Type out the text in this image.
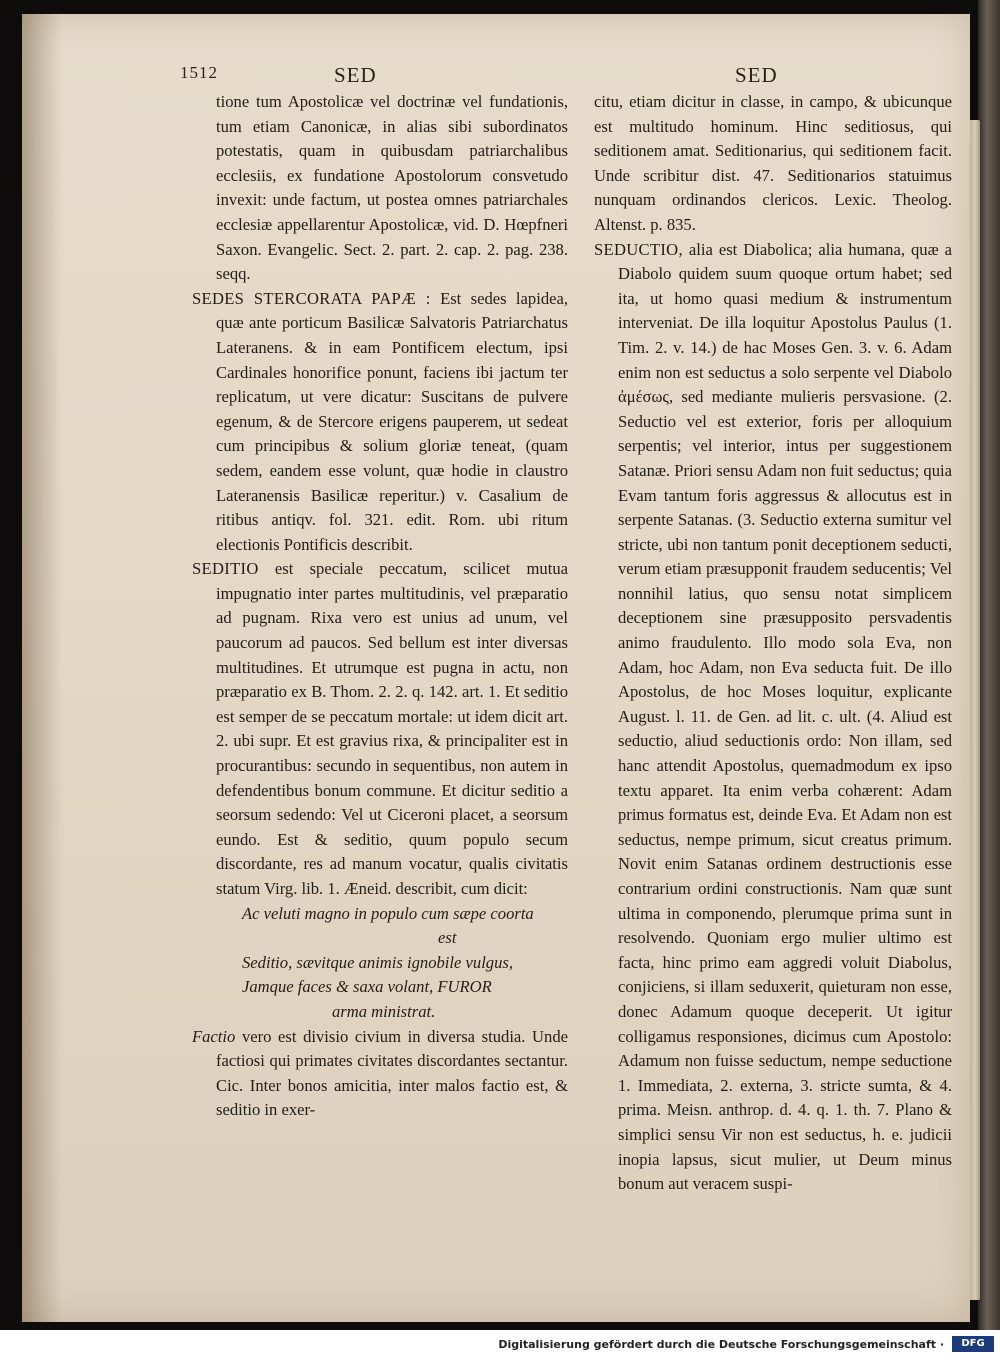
1512	SED	SED

tione tum Apostolicæ vel doctrinæ vel fundationis, tum etiam Canonicæ, in alias sibi subordinatos potestatis, quam in quibusdam patriarchalibus ecclesiis, ex fundatione Apostolorum consvetudo invexit: unde factum, ut postea omnes patriarchales ecclesiæ appellarentur Apostolicæ, vid. D. Hœpfneri Saxon. Evangelic. Sect. 2. part. 2. cap. 2. pag. 238. seqq.

SEDES STERCORATA PAPÆ : Est sedes lapidea, quæ ante porticum Basilicæ Salvatoris Patriarchatus Lateranens. & in eam Pontificem electum, ipsi Cardinales honorifice ponunt, faciens ibi jactum ter replicatum, ut vere dicatur: Suscitans de pulvere egenum, & de Stercore erigens pauperem, ut sedeat cum principibus & solium gloriæ teneat, (quam sedem, eandem esse volunt, quæ hodie in claustro Lateranensis Basilicæ reperitur.) v. Casalium de ritibus antiqv. fol. 321. edit. Rom. ubi ritum electionis Pontificis describit.

SEDITIO est speciale peccatum, scilicet mutua impugnatio inter partes multitudinis, vel præparatio ad pugnam. Rixa vero est unius ad unum, vel paucorum ad paucos. Sed bellum est inter diversas multitudines. Et utrumque est pugna in actu, non præparatio ex B. Thom. 2. 2. q. 142. art. 1. Et seditio est semper de se peccatum mortale: ut idem dicit art. 2. ubi supr. Et est gravius rixa, & principaliter est in procurantibus: secundo in sequentibus, non autem in defendentibus bonum commune. Et dicitur seditio a seorsum sedendo: Vel ut Ciceroni placet, a seorsum eundo. Est & seditio, quum populo secum discordante, res ad manum vocatur, qualis civitatis statum Virg. lib. 1. Æneid. describit, cum dicit:

Ac veluti magno in populo cum sæpe coorta

est

Seditio, sævitque animis ignobile vulgus,

Jamque faces & saxa volant, FUROR

arma ministrat.

Factio vero est divisio civium in diversa studia. Unde factiosi qui primates civitates discordantes sectantur. Cic. Inter bonos amicitia, inter malos factio est, & seditio in exer-

citu, etiam dicitur in classe, in campo, & ubicunque est multitudo hominum. Hinc seditiosus, qui seditionem amat. Seditionarius, qui seditionem facit. Unde scribitur dist. 47. Seditionarios statuimus nunquam ordinandos clericos. Lexic. Theolog. Altenst. p. 835.

SEDUCTIO, alia est Diabolica; alia humana, quæ a Diabolo quidem suum quoque ortum habet; sed ita, ut homo quasi medium & instrumentum interveniat. De illa loquitur Apostolus Paulus (1. Tim. 2. v. 14.) de hac Moses Gen. 3. v. 6. Adam enim non est seductus a solo serpente vel Diabolo ἀμέσως, sed mediante mulieris persvasione. (2. Seductio vel est exterior, foris per alloquium serpentis; vel interior, intus per suggestionem Satanæ. Priori sensu Adam non fuit seductus; quia Evam tantum foris aggressus & allocutus est in serpente Satanas. (3. Seductio externa sumitur vel stricte, ubi non tantum ponit deceptionem seducti, verum etiam præsupponit fraudem seducentis; Vel nonnihil latius, quo sensu notat simplicem deceptionem sine præsupposito persvadentis animo fraudulento. Illo modo sola Eva, non Adam, hoc Adam, non Eva seducta fuit. De illo Apostolus, de hoc Moses loquitur, explicante August. l. 11. de Gen. ad lit. c. ult. (4. Aliud est seductio, aliud seductionis ordo: Non illam, sed hanc attendit Apostolus, quemadmodum ex ipso textu apparet. Ita enim verba cohærent: Adam primus formatus est, deinde Eva. Et Adam non est seductus, nempe primum, sicut creatus primum. Novit enim Satanas ordinem destructionis esse contrarium ordini constructionis. Nam quæ sunt ultima in componendo, plerumque prima sunt in resolvendo. Quoniam ergo mulier ultimo est facta, hinc primo eam aggredi voluit Diabolus, conjiciens, si illam seduxerit, quieturam non esse, donec Adamum quoque deceperit. Ut igitur colligamus responsiones, dicimus cum Apostolo: Adamum non fuisse seductum, nempe seductione 1. Immediata, 2. externa, 3. stricte sumta, & 4. prima. Meisn. anthrop. d. 4. q. 1. th. 7. Plano & simplici sensu Vir non est seductus, h. e. judicii inopia lapsus, sicut mulier, ut Deum minus bonum aut veracem suspi-

Digitalisierung gefördert durch die Deutsche Forschungsgemeinschaft ·	DFG
